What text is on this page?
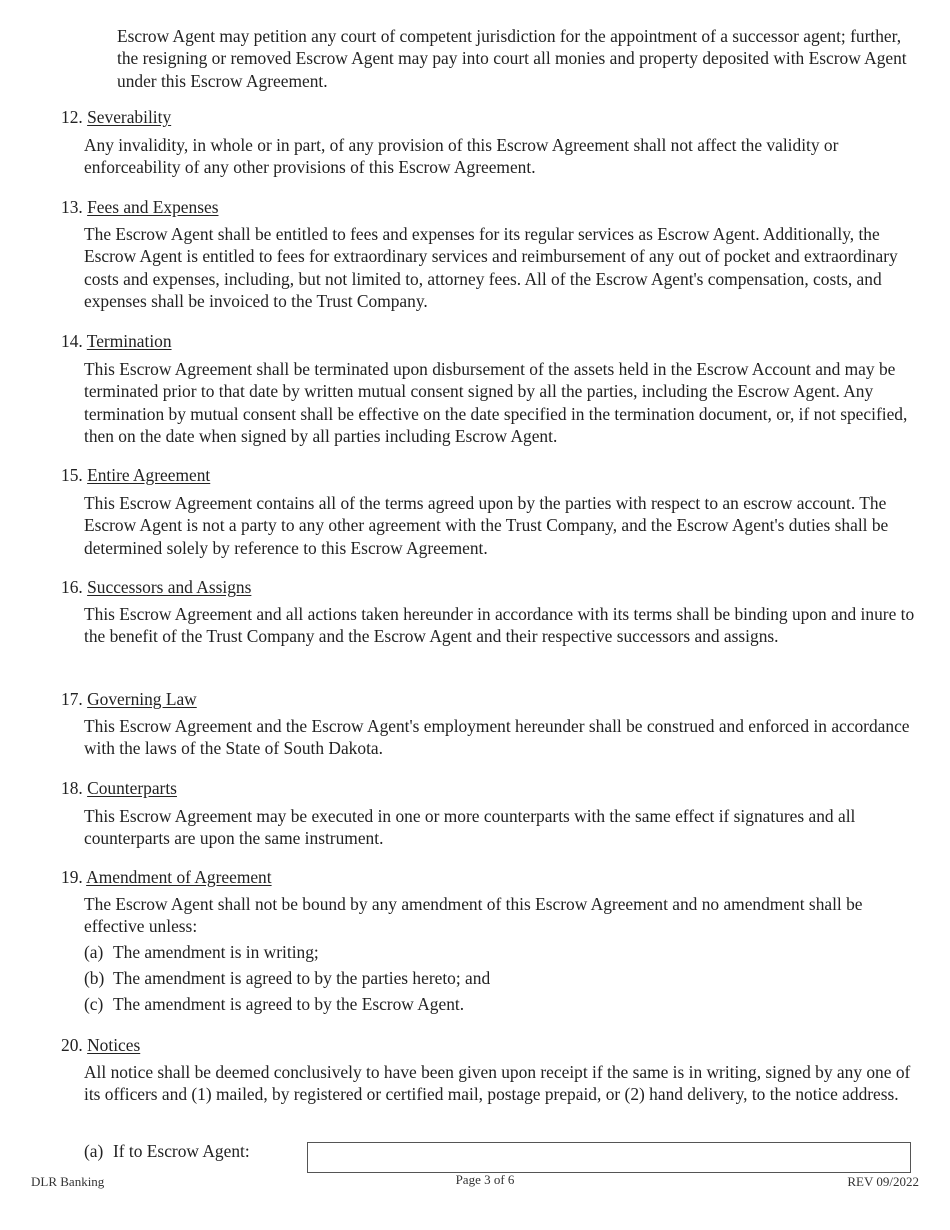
Escrow Agent may petition any court of competent jurisdiction for the appointment of a successor agent; further, the resigning or removed Escrow Agent may pay into court all monies and property deposited with Escrow Agent under this Escrow Agreement.

12. Severability

Any invalidity, in whole or in part, of any provision of this Escrow Agreement shall not affect the validity or enforceability of any other provisions of this Escrow Agreement.

13. Fees and Expenses

The Escrow Agent shall be entitled to fees and expenses for its regular services as Escrow Agent. Additionally, the Escrow Agent is entitled to fees for extraordinary services and reimbursement of any out of pocket and extraordinary costs and expenses, including, but not limited to, attorney fees. All of the Escrow Agent's compensation, costs, and expenses shall be invoiced to the Trust Company.

14. Termination

This Escrow Agreement shall be terminated upon disbursement of the assets held in the Escrow Account and may be terminated prior to that date by written mutual consent signed by all the parties, including the Escrow Agent. Any termination by mutual consent shall be effective on the date specified in the termination document, or, if not specified, then on the date when signed by all parties including Escrow Agent.

15. Entire Agreement

This Escrow Agreement contains all of the terms agreed upon by the parties with respect to an escrow account. The Escrow Agent is not a party to any other agreement with the Trust Company, and the Escrow Agent's duties shall be determined solely by reference to this Escrow Agreement.

16. Successors and Assigns

This Escrow Agreement and all actions taken hereunder in accordance with its terms shall be binding upon and inure to the benefit of the Trust Company and the Escrow Agent and their respective successors and assigns.

17. Governing Law

This Escrow Agreement and the Escrow Agent's employment hereunder shall be construed and enforced in accordance with the laws of the State of South Dakota.

18. Counterparts

This Escrow Agreement may be executed in one or more counterparts with the same effect if signatures and all counterparts are upon the same instrument.

19. Amendment of Agreement

The Escrow Agent shall not be bound by any amendment of this Escrow Agreement and no amendment shall be effective unless:

(a) The amendment is in writing;
(b) The amendment is agreed to by the parties hereto; and
(c) The amendment is agreed to by the Escrow Agent.
20. Notices

All notice shall be deemed conclusively to have been given upon receipt if the same is in writing, signed by any one of its officers and (1) mailed, by registered or certified mail, postage prepaid, or (2) hand delivery, to the notice address.

(a) If to Escrow Agent:
DLR Banking	Page 3 of 6	REV 09/2022
